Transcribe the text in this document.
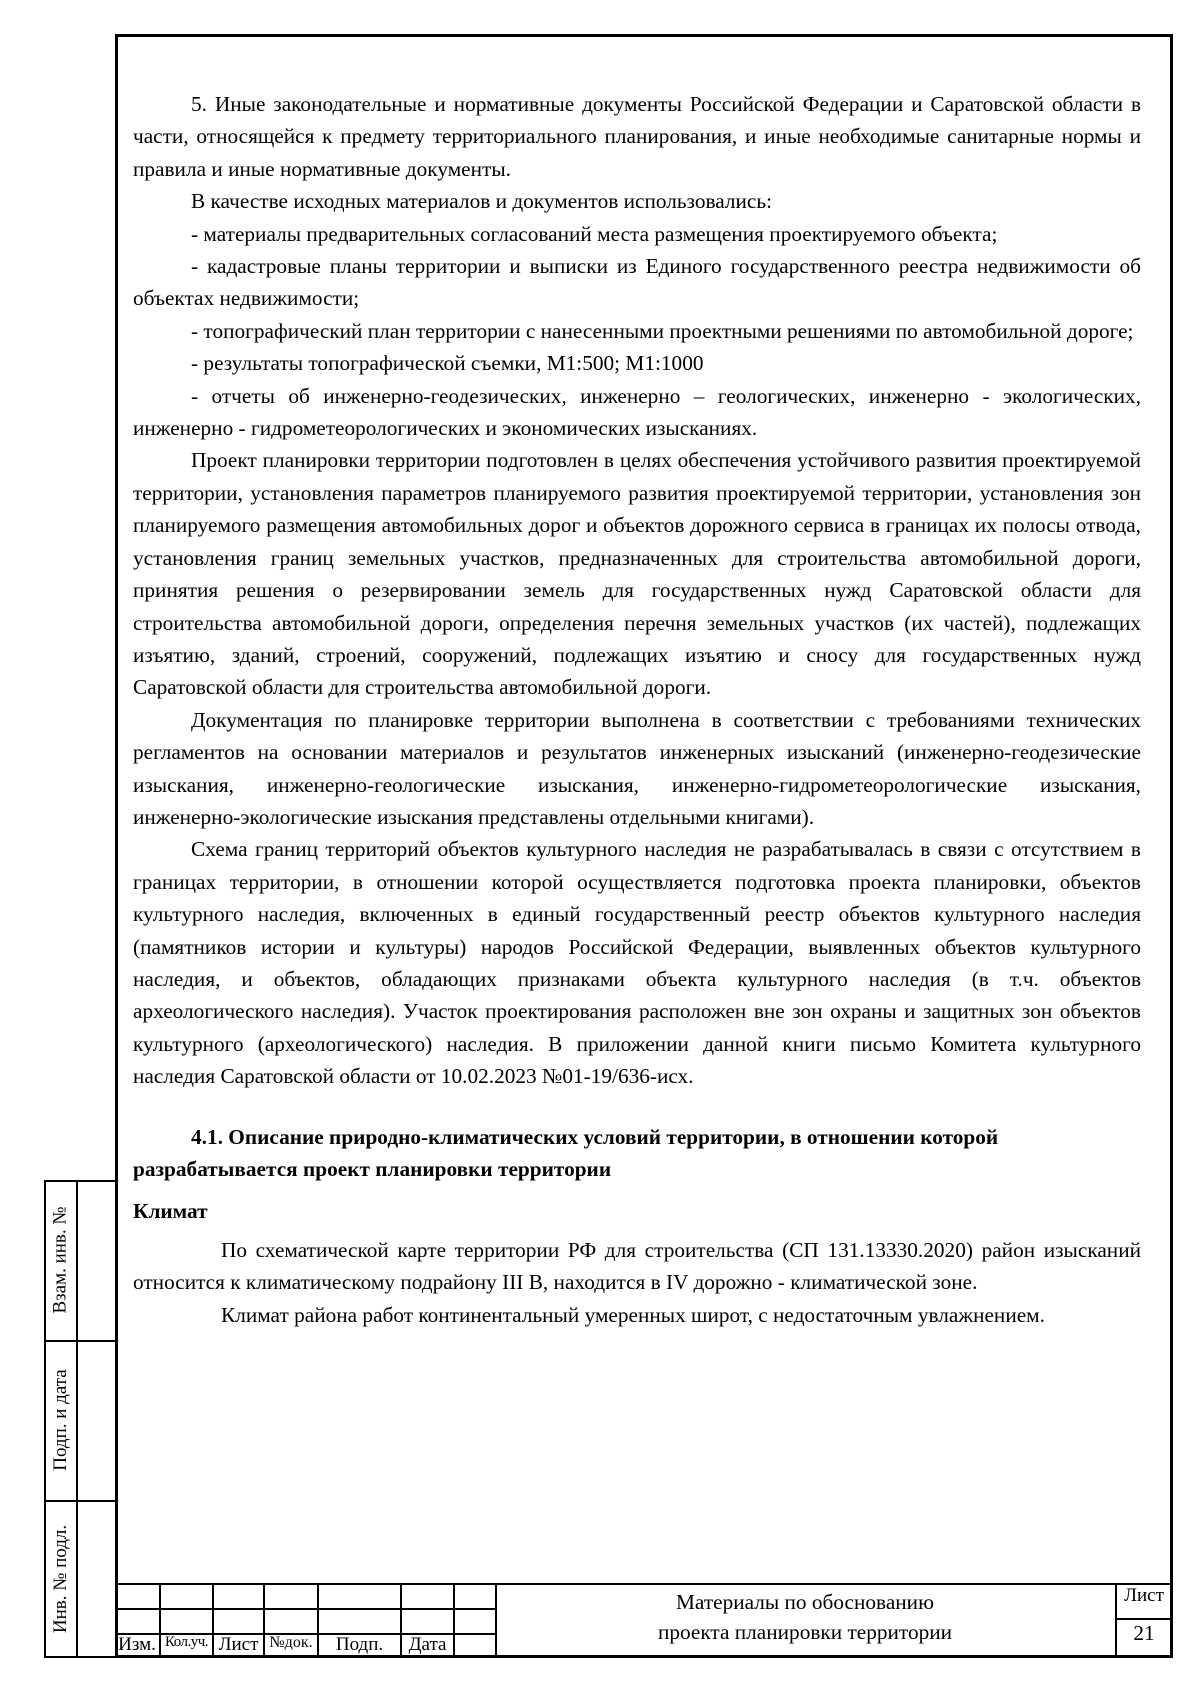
5. Иные законодательные и нормативные документы Российской Федерации и Саратовской области в части, относящейся к предмету территориального планирования, и иные необходимые санитарные нормы и правила и иные нормативные документы.

В качестве исходных материалов и документов использовались:

- материалы предварительных согласований места размещения проектируемого объекта;

- кадастровые планы территории и выписки из Единого государственного реестра недвижимости об объектах недвижимости;

- топографический план территории с нанесенными проектными решениями по автомобильной дороге;

- результаты топографической съемки, М1:500; М1:1000

- отчеты об инженерно-геодезических, инженерно – геологических, инженерно - экологических, инженерно - гидрометеорологических и экономических изысканиях.

Проект планировки территории подготовлен в целях обеспечения устойчивого развития проектируемой территории, установления параметров планируемого развития проектируемой территории, установления зон планируемого размещения автомобильных дорог и объектов дорожного сервиса в границах их полосы отвода, установления границ земельных участков, предназначенных для строительства автомобильной дороги, принятия решения о резервировании земель для государственных нужд Саратовской области для строительства автомобильной дороги, определения перечня земельных участков (их частей), подлежащих изъятию, зданий, строений, сооружений, подлежащих изъятию и сносу для государственных нужд Саратовской области для строительства автомобильной дороги.

Документация по планировке территории выполнена в соответствии с требованиями технических регламентов на основании материалов и результатов инженерных изысканий (инженерно-геодезические изыскания, инженерно-геологические изыскания, инженерно-гидрометеорологические изыскания, инженерно-экологические изыскания представлены отдельными книгами).

Схема границ территорий объектов культурного наследия не разрабатывалась в связи с отсутствием в границах территории, в отношении которой осуществляется подготовка проекта планировки, объектов культурного наследия, включенных в единый государственный реестр объектов культурного наследия (памятников истории и культуры) народов Российской Федерации, выявленных объектов культурного наследия, и объектов, обладающих признаками объекта культурного наследия (в т.ч. объектов археологического наследия). Участок проектирования расположен вне зон охраны и защитных зон объектов культурного (археологического) наследия. В приложении данной книги письмо Комитета культурного наследия Саратовской области от 10.02.2023 №01-19/636-исх.

4.1. Описание природно-климатических условий территории, в отношении которой разрабатывается проект планировки территории
Климат

По схематической карте территории РФ для строительства (СП 131.13330.2020) район изысканий относится к климатическому подрайону III В, находится в IV дорожно - климатической зоне.

Климат района работ континентальный умеренных широт, с недостаточным увлажнением.

Взам. инв. №
Подп. и дата
Инв. № подл.
Изм. Кол.уч. Лист №док.	Подп.	Дата
Материалы по обоснованию
проекта планировки территории
Лист
21
